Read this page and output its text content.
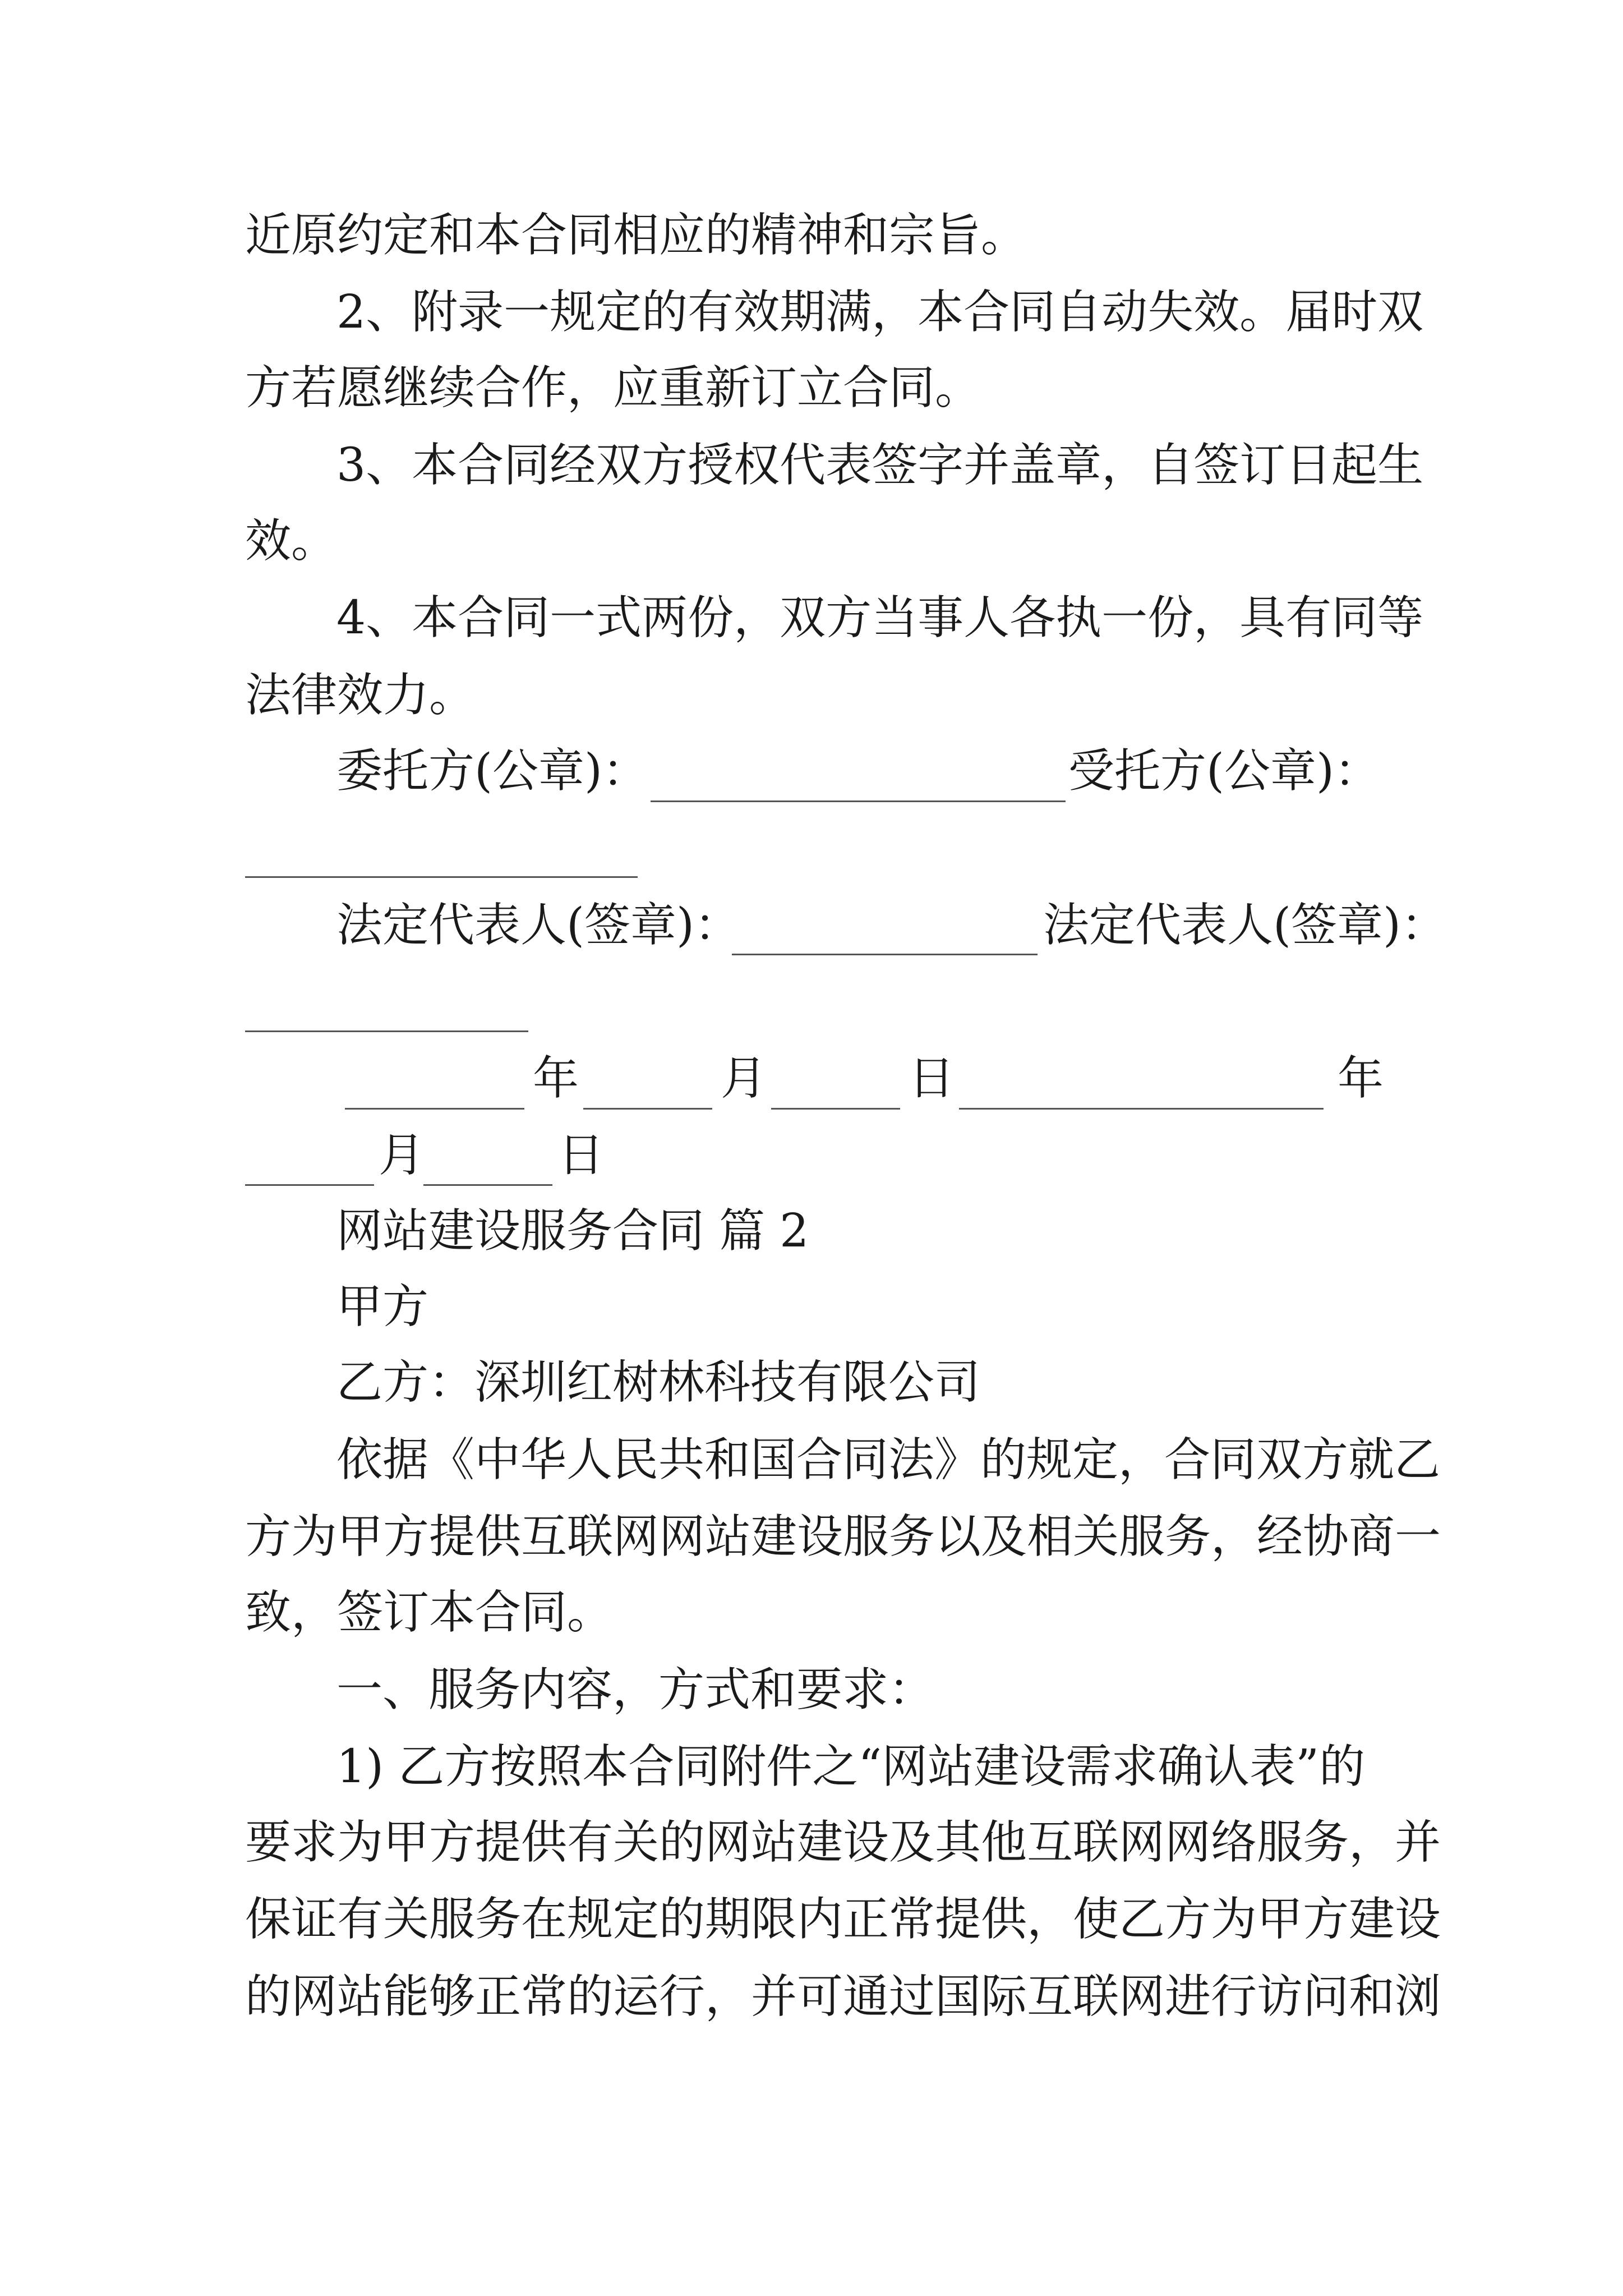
近原约定和本合同相应的精神和宗旨。
2、附录一规定的有效期满，本合同自动失效。届时双
方若愿继续合作，应重新订立合同。
3、本合同经双方授权代表签字并盖章，自签订日起生
效。
4、本合同一式两份，双方当事人各执一份，具有同等
法律效力。
委托方(公章)：	受托方(公章)：
法定代表人(签章)：	法定代表人(签章)：
年	月	日	年
月	日
网站建设服务合同 篇 2
甲方
乙方：深圳红树林科技有限公司
依据《中华人民共和国合同法》的规定，合同双方就乙
方为甲方提供互联网网站建设服务以及相关服务，经协商一
致，签订本合同。
一、服务内容，方式和要求：
1) 乙方按照本合同附件之“网站建设需求确认表”的
要求为甲方提供有关的网站建设及其他互联网网络服务，并
保证有关服务在规定的期限内正常提供，使乙方为甲方建设
的网站能够正常的运行，并可通过国际互联网进行访问和浏
